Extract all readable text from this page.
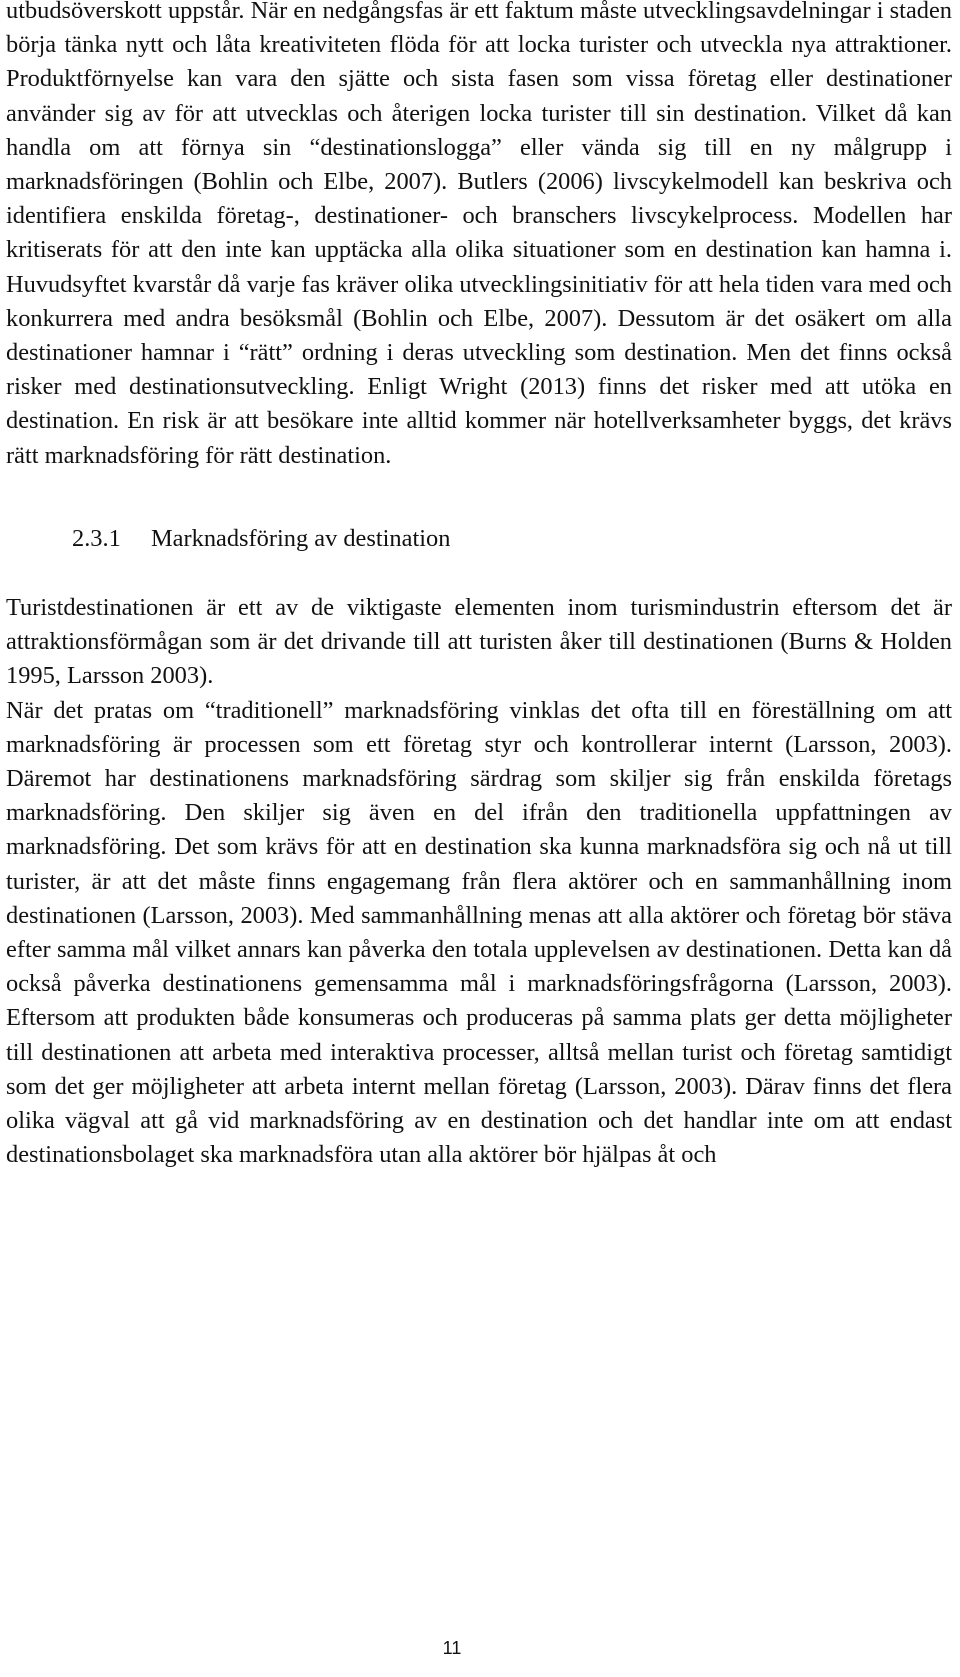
utbudsöverskott uppstår. När en nedgångsfas är ett faktum måste utvecklingsavdelningar i staden börja tänka nytt och låta kreativiteten flöda för att locka turister och utveckla nya attraktioner. Produktförnyelse kan vara den sjätte och sista fasen som vissa företag eller destinationer använder sig av för att utvecklas och återigen locka turister till sin destination. Vilket då kan handla om att förnya sin “destinationslogga” eller vända sig till en ny målgrupp i marknadsföringen (Bohlin och Elbe, 2007). Butlers (2006) livscykelmodell kan beskriva och identifiera enskilda företag-, destinationer- och branschers livscykelprocess. Modellen har kritiserats för att den inte kan upptäcka alla olika situationer som en destination kan hamna i. Huvudsyftet kvarstår då varje fas kräver olika utvecklingsinitiativ för att hela tiden vara med och konkurrera med andra besöksmål (Bohlin och Elbe, 2007). Dessutom är det osäkert om alla destinationer hamnar i “rätt” ordning i deras utveckling som destination. Men det finns också risker med destinationsutveckling. Enligt Wright (2013) finns det risker med att utöka en destination. En risk är att besökare inte alltid kommer när hotellverksamheter byggs, det krävs rätt marknadsföring för rätt destination.

2.3.1 Marknadsföring av destination

Turistdestinationen är ett av de viktigaste elementen inom turismindustrin eftersom det är attraktionsförmågan som är det drivande till att turisten åker till destinationen (Burns & Holden 1995, Larsson 2003).

När det pratas om “traditionell” marknadsföring vinklas det ofta till en föreställning om att marknadsföring är processen som ett företag styr och kontrollerar internt (Larsson, 2003). Däremot har destinationens marknadsföring särdrag som skiljer sig från enskilda företags marknadsföring. Den skiljer sig även en del ifrån den traditionella uppfattningen av marknadsföring. Det som krävs för att en destination ska kunna marknadsföra sig och nå ut till turister, är att det måste finns engagemang från flera aktörer och en sammanhållning inom destinationen (Larsson, 2003). Med sammanhållning menas att alla aktörer och företag bör stäva efter samma mål vilket annars kan påverka den totala upplevelsen av destinationen. Detta kan då också påverka destinationens gemensamma mål i marknadsföringsfrågorna (Larsson, 2003). Eftersom att produkten både konsumeras och produceras på samma plats ger detta möjligheter till destinationen att arbeta med interaktiva processer, alltså mellan turist och företag samtidigt som det ger möjligheter att arbeta internt mellan företag (Larsson, 2003). Därav finns det flera olika vägval att gå vid marknadsföring av en destination och det handlar inte om att endast destinationsbolaget ska marknadsföra utan alla aktörer bör hjälpas åt och

11
